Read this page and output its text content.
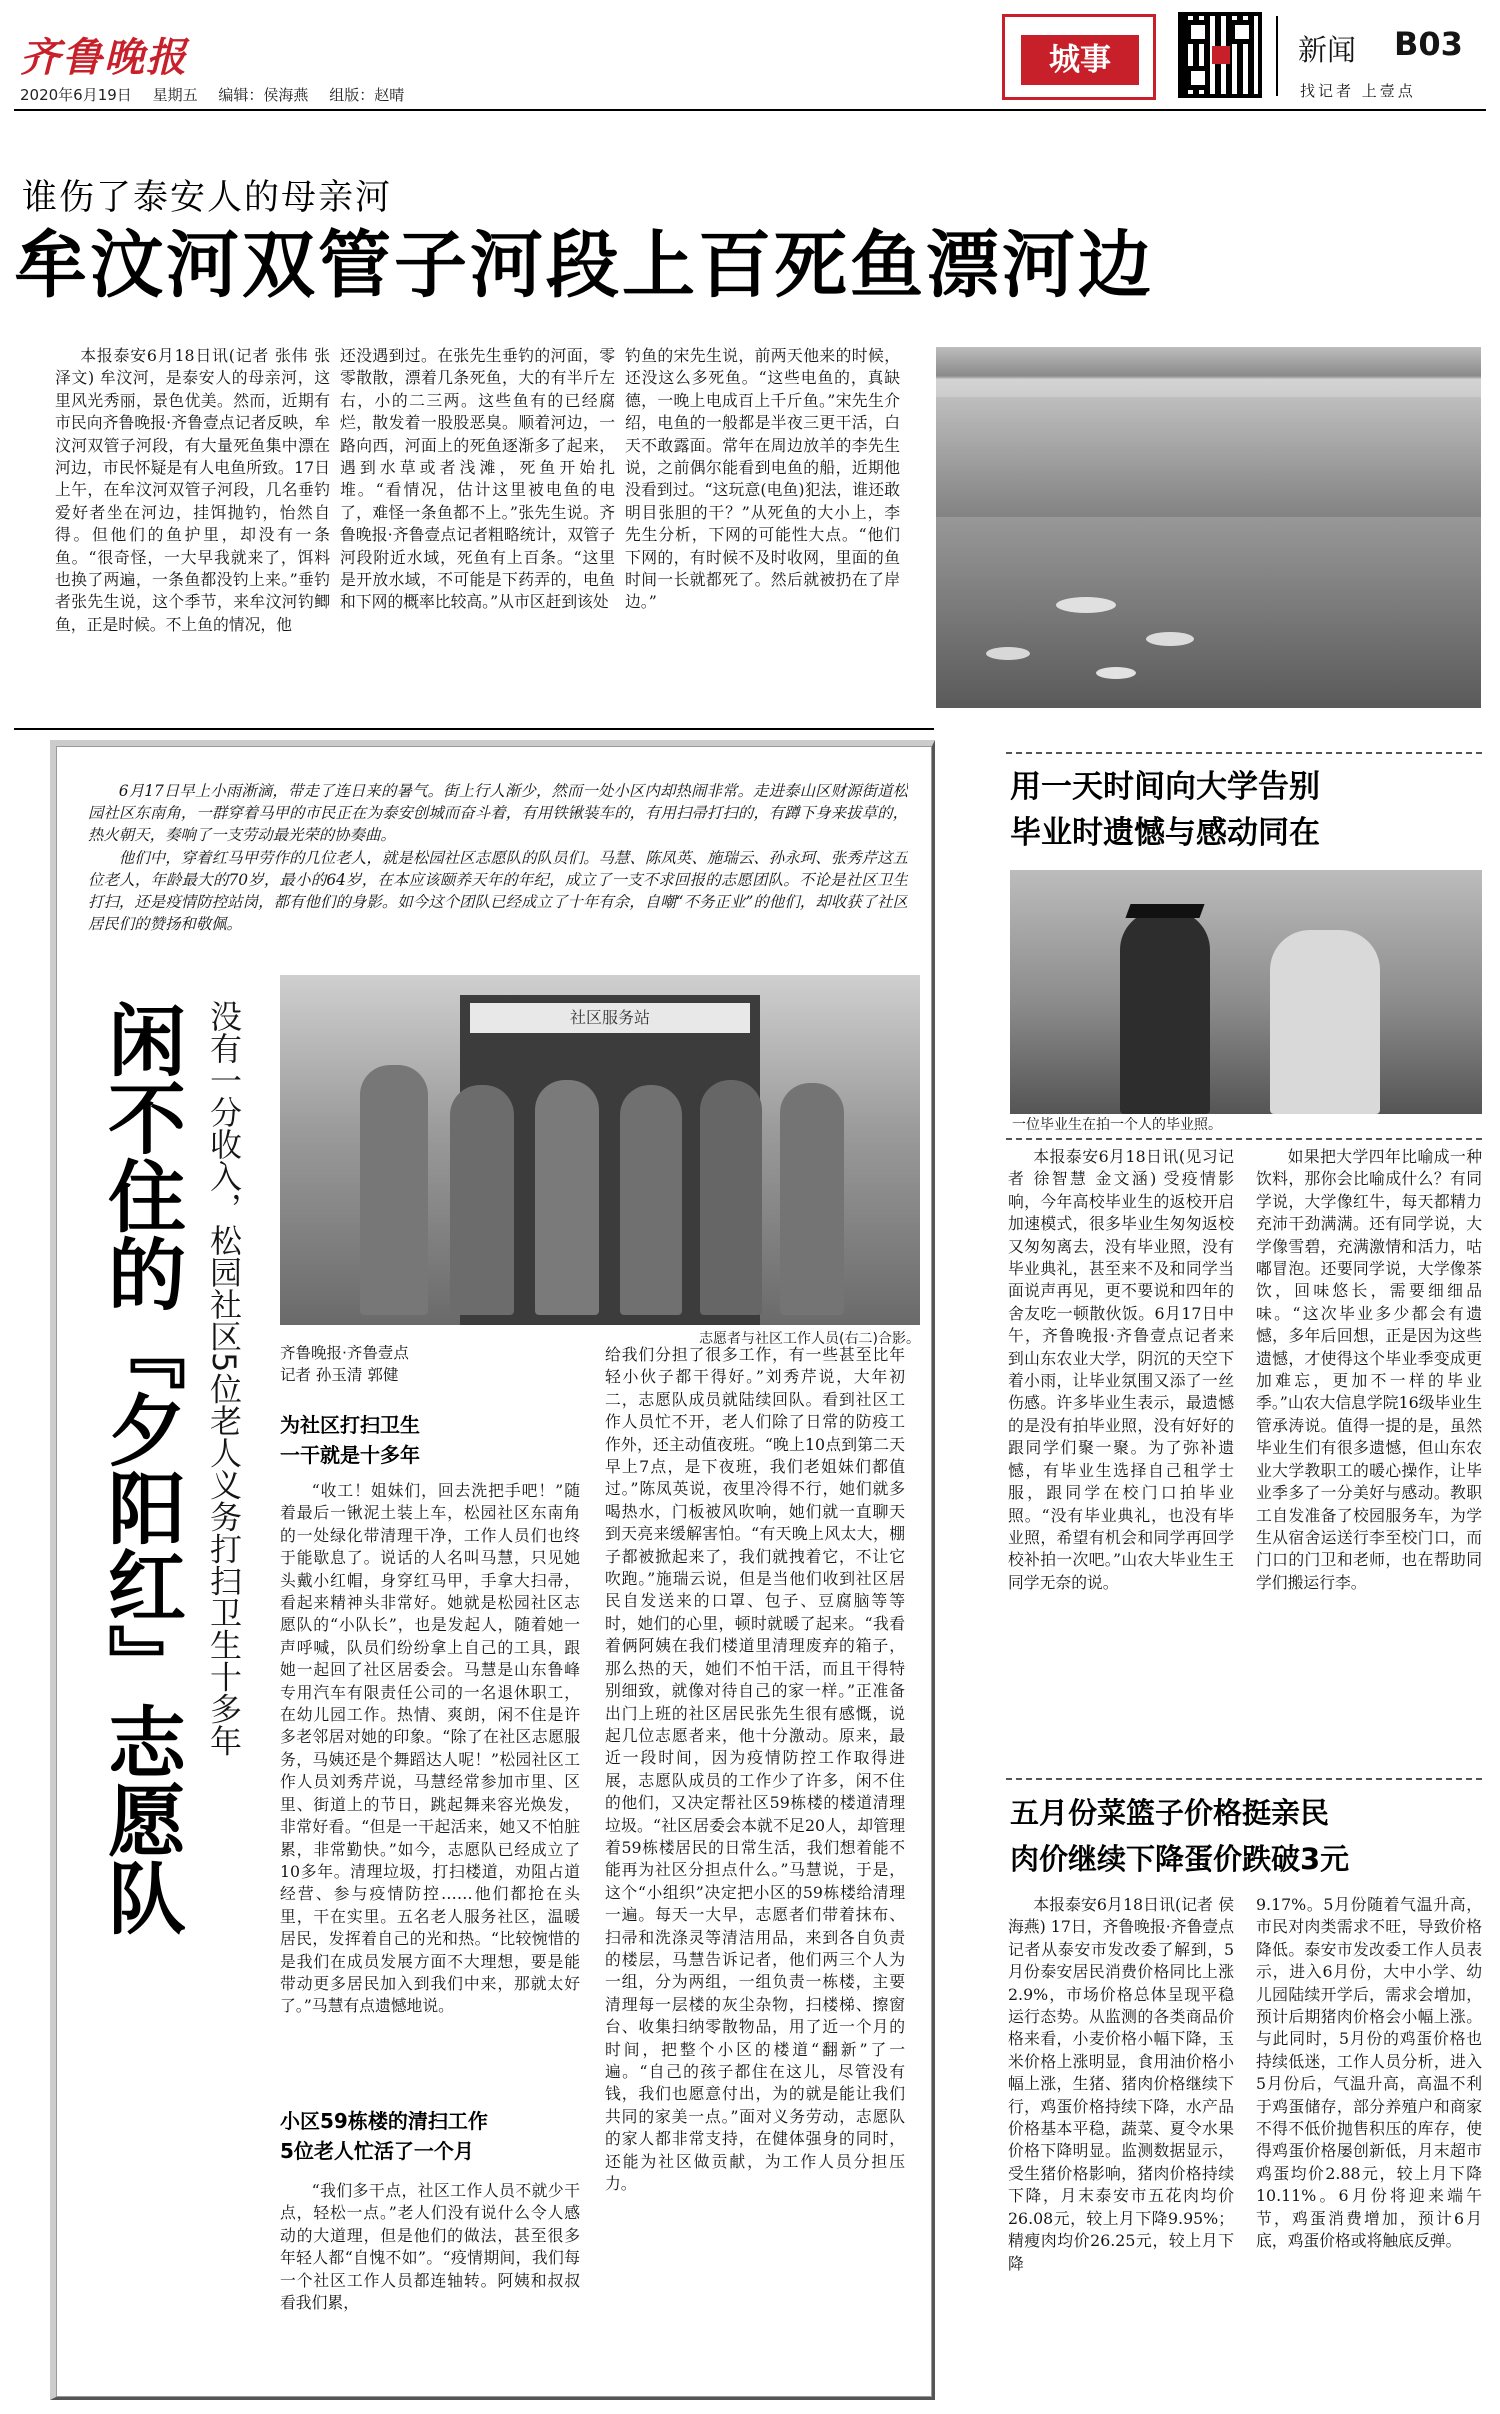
齐鲁晚报
2020年6月19日 星期五 编辑：侯海燕 组版：赵晴
城事	新闻 B03
找记者 上壹点
谁伤了泰安人的母亲河
牟汶河双管子河段上百死鱼漂河边

本报泰安6月18日讯(记者 张伟 张泽文) 牟汶河，是泰安人的母亲河，这里风光秀丽，景色优美。然而，近期有市民向齐鲁晚报·齐鲁壹点记者反映，牟汶河双管子河段，有大量死鱼集中漂在河边，市民怀疑是有人电鱼所致。17日上午，在牟汶河双管子河段，几名垂钓爱好者坐在河边，挂饵抛钓，怡然自得。但他们的鱼护里，却没有一条鱼。“很奇怪，一大早我就来了，饵料也换了两遍，一条鱼都没钓上来。”垂钓者张先生说，这个季节，来牟汶河钓鲫鱼，正是时候。不上鱼的情况，他

还没遇到过。在张先生垂钓的河面，零零散散，漂着几条死鱼，大的有半斤左右，小的二三两。这些鱼有的已经腐烂，散发着一股股恶臭。顺着河边，一路向西，河面上的死鱼逐渐多了起来，遇到水草或者浅滩，死鱼开始扎堆。“看情况，估计这里被电鱼的电了，难怪一条鱼都不上。”张先生说。齐鲁晚报·齐鲁壹点记者粗略统计，双管子河段附近水域，死鱼有上百条。“这里是开放水域，不可能是下药弄的，电鱼和下网的概率比较高。”从市区赶到该处

钓鱼的宋先生说，前两天他来的时候，还没这么多死鱼。“这些电鱼的，真缺德，一晚上电成百上千斤鱼。”宋先生介绍，电鱼的一般都是半夜三更干活，白天不敢露面。常年在周边放羊的李先生说，之前偶尔能看到电鱼的船，近期他没看到过。“这玩意(电鱼)犯法，谁还敢明目张胆的干？”从死鱼的大小上，李先生分析，下网的可能性大点。“他们下网的，有时候不及时收网，里面的鱼时间一长就都死了。然后就被扔在了岸边。”

6月17日早上小雨淅滴，带走了连日来的暑气。街上行人渐少，然而一处小区内却热闹非常。走进泰山区财源街道松园社区东南角，一群穿着马甲的市民正在为泰安创城而奋斗着，有用铁锹装车的，有用扫帚打扫的，有蹲下身来拔草的，热火朝天，奏响了一支劳动最光荣的协奏曲。

他们中，穿着红马甲劳作的几位老人，就是松园社区志愿队的队员们。马慧、陈凤英、施瑞云、孙永珂、张秀芹这五位老人，年龄最大的70岁，最小的64岁，在本应该颐养天年的年纪，成立了一支不求回报的志愿团队。不论是社区卫生打扫，还是疫情防控站岗，都有他们的身影。如今这个团队已经成立了十年有余，自嘲“不务正业”的他们，却收获了社区居民们的赞扬和敬佩。

社区服务站
志愿者与社区工作人员(右二)合影。
闲不住的『夕阳红』志愿队 没有一分收入，松园社区5位老人义务打扫卫生十多年 齐鲁晚报·齐鲁壹点
记者 孙玉清 郭健
为社区打扫卫生
一干就是十多年

“收工！姐妹们，回去洗把手吧！”随着最后一锹泥土装上车，松园社区东南角的一处绿化带清理干净，工作人员们也终于能歇息了。说话的人名叫马慧，只见她头戴小红帽，身穿红马甲，手拿大扫帚，看起来精神头非常好。她就是松园社区志愿队的“小队长”，也是发起人，随着她一声呼喊，队员们纷纷拿上自己的工具，跟她一起回了社区居委会。马慧是山东鲁峰专用汽车有限责任公司的一名退休职工，在幼儿园工作。热情、爽朗，闲不住是许多老邻居对她的印象。“除了在社区志愿服务，马姨还是个舞蹈达人呢！”松园社区工作人员刘秀芹说，马慧经常参加市里、区里、街道上的节日，跳起舞来容光焕发，非常好看。“但是一干起活来，她又不怕脏累，非常勤快。”如今，志愿队已经成立了10多年。清理垃圾，打扫楼道，劝阻占道经营、参与疫情防控……他们都抢在头里，干在实里。五名老人服务社区，温暖居民，发挥着自己的光和热。“比较惋惜的是我们在成员发展方面不大理想，要是能带动更多居民加入到我们中来，那就太好了。”马慧有点遗憾地说。

小区59栋楼的清扫工作
5位老人忙活了一个月

“我们多干点，社区工作人员不就少干点，轻松一点。”老人们没有说什么令人感动的大道理，但是他们的做法，甚至很多年轻人都“自愧不如”。“疫情期间，我们每一个社区工作人员都连轴转。阿姨和叔叔看我们累，

给我们分担了很多工作，有一些甚至比年轻小伙子都干得好。”刘秀芹说，大年初二，志愿队成员就陆续回队。看到社区工作人员忙不开，老人们除了日常的防疫工作外，还主动值夜班。“晚上10点到第二天早上7点，是下夜班，我们老姐妹们都值过。”陈凤英说，夜里冷得不行，她们就多喝热水，门板被风吹响，她们就一直聊天到天亮来缓解害怕。“有天晚上风太大，棚子都被掀起来了，我们就拽着它，不让它吹跑。”施瑞云说，但是当他们收到社区居民自发送来的口罩、包子、豆腐脑等等时，她们的心里，顿时就暖了起来。“我看着俩阿姨在我们楼道里清理废弃的箱子，那么热的天，她们不怕干活，而且干得特别细致，就像对待自己的家一样。”正准备出门上班的社区居民张先生很有感慨，说起几位志愿者来，他十分激动。原来，最近一段时间，因为疫情防控工作取得进展，志愿队成员的工作少了许多，闲不住的他们，又决定帮社区59栋楼的楼道清理垃圾。“社区居委会本就不足20人，却管理着59栋楼居民的日常生活，我们想着能不能再为社区分担点什么。”马慧说，于是，这个“小组织”决定把小区的59栋楼给清理一遍。每天一大早，志愿者们带着抹布、扫帚和洗涤灵等清洁用品，来到各自负责的楼层，马慧告诉记者，他们两三个人为一组，分为两组，一组负责一栋楼，主要清理每一层楼的灰尘杂物，扫楼梯、擦窗台、收集扫纳零散物品，用了近一个月的时间，把整个小区的楼道“翻新”了一遍。“自己的孩子都住在这儿，尽管没有钱，我们也愿意付出，为的就是能让我们共同的家美一点。”面对义务劳动，志愿队的家人都非常支持，在健体强身的同时，还能为社区做贡献，为工作人员分担压力。

用一天时间向大学告别
毕业时遗憾与感动同在
一位毕业生在拍一个人的毕业照。

本报泰安6月18日讯(见习记者 徐智慧 金文涵) 受疫情影响，今年高校毕业生的返校开启加速模式，很多毕业生匆匆返校又匆匆离去，没有毕业照，没有毕业典礼，甚至来不及和同学当面说声再见，更不要说和四年的舍友吃一顿散伙饭。6月17日中午，齐鲁晚报·齐鲁壹点记者来到山东农业大学，阴沉的天空下着小雨，让毕业氛围又添了一丝伤感。许多毕业生表示，最遗憾的是没有拍毕业照，没有好好的跟同学们聚一聚。为了弥补遗憾，有毕业生选择自己租学士服，跟同学在校门口拍毕业照。“没有毕业典礼，也没有毕业照，希望有机会和同学再回学校补拍一次吧。”山农大毕业生王同学无奈的说。

如果把大学四年比喻成一种饮料，那你会比喻成什么？有同学说，大学像红牛，每天都精力充沛干劲满满。还有同学说，大学像雪碧，充满激情和活力，咕嘟冒泡。还要同学说，大学像茶饮，回味悠长，需要细细品味。“这次毕业多少都会有遗憾，多年后回想，正是因为这些遗憾，才使得这个毕业季变成更加难忘，更加不一样的毕业季。”山农大信息学院16级毕业生管承涛说。值得一提的是，虽然毕业生们有很多遗憾，但山东农业大学教职工的暖心操作，让毕业季多了一分美好与感动。教职工自发准备了校园服务车，为学生从宿舍运送行李至校门口，而门口的门卫和老师，也在帮助同学们搬运行李。

五月份菜篮子价格挺亲民
肉价继续下降蛋价跌破3元

本报泰安6月18日讯(记者 侯海燕) 17日，齐鲁晚报·齐鲁壹点记者从泰安市发改委了解到，5月份泰安居民消费价格同比上涨2.9%，市场价格总体呈现平稳运行态势。从监测的各类商品价格来看，小麦价格小幅下降，玉米价格上涨明显，食用油价格小幅上涨，生猪、猪肉价格继续下行，鸡蛋价格持续下降，水产品价格基本平稳，蔬菜、夏令水果价格下降明显。监测数据显示，受生猪价格影响，猪肉价格持续下降，月末泰安市五花肉均价26.08元，较上月下降9.95%；精瘦肉均价26.25元，较上月下降

9.17%。5月份随着气温升高，市民对肉类需求不旺，导致价格降低。泰安市发改委工作人员表示，进入6月份，大中小学、幼儿园陆续开学后，需求会增加，预计后期猪肉价格会小幅上涨。与此同时，5月份的鸡蛋价格也持续低迷，工作人员分析，进入5月份后，气温升高，高温不利于鸡蛋储存，部分养殖户和商家不得不低价抛售积压的库存，使得鸡蛋价格屡创新低，月末超市鸡蛋均价2.88元，较上月下降10.11%。6月份将迎来端午节，鸡蛋消费增加，预计6月底，鸡蛋价格或将触底反弹。
